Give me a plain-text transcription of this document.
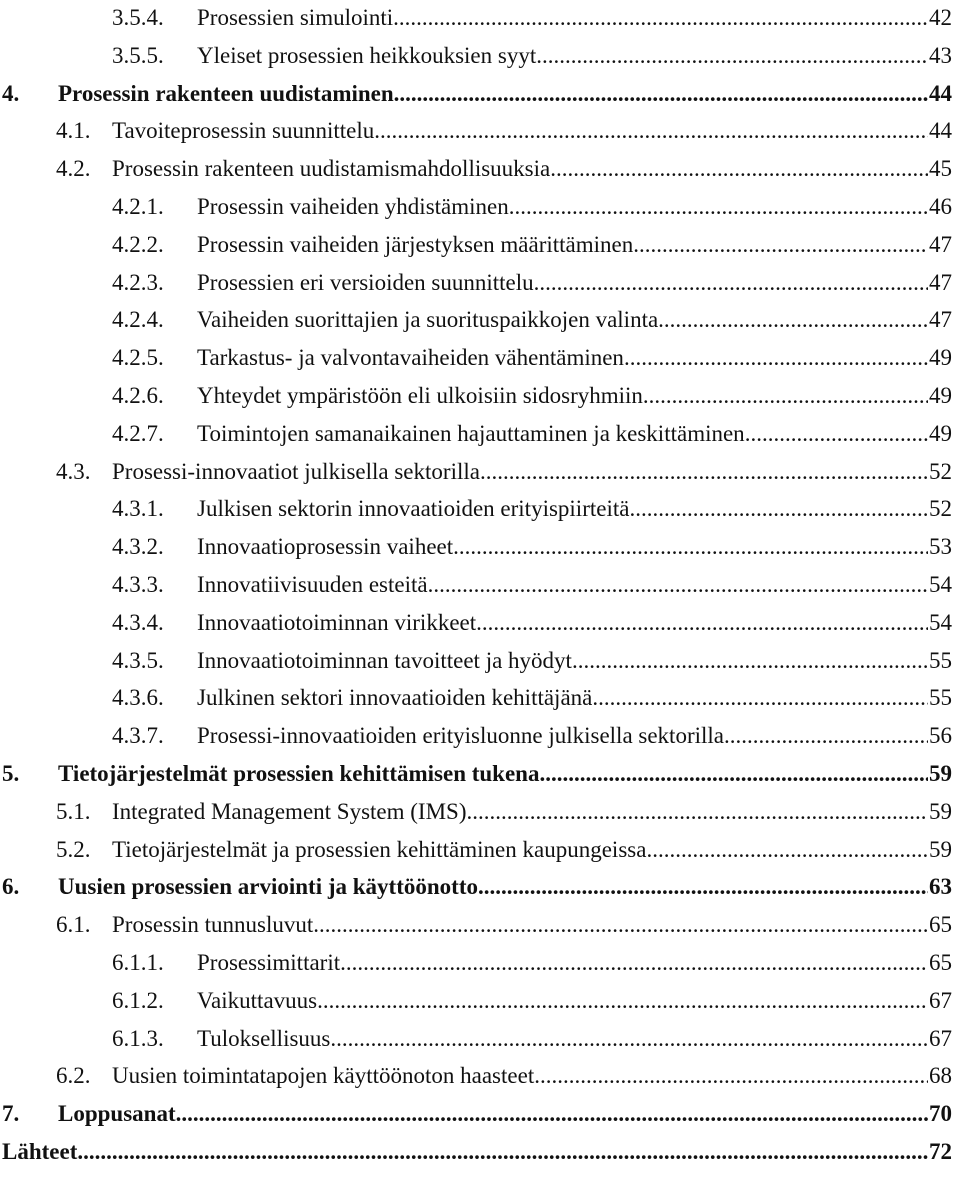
3.5.4. Prosessien simulointi .....	42
3.5.5. Yleiset prosessien heikkouksien syyt .....	43
4. Prosessin rakenteen uudistaminen .....	44
4.1. Tavoiteprosessin suunnittelu .....	44
4.2. Prosessin rakenteen uudistamismahdollisuuksia .....	45
4.2.1. Prosessin vaiheiden yhdistäminen .....	46
4.2.2. Prosessin vaiheiden järjestyksen määrittäminen .....	47
4.2.3. Prosessien eri versioiden suunnittelu .....	47
4.2.4. Vaiheiden suorittajien ja suorituspaikkojen valinta .....	47
4.2.5. Tarkastus- ja valvontavaiheiden vähentäminen .....	49
4.2.6. Yhteydet ympäristöön eli ulkoisiin sidosryhmiin .....	49
4.2.7. Toimintojen samanaikainen hajauttaminen ja keskittäminen .....	49
4.3. Prosessi-innovaatiot julkisella sektorilla .....	52
4.3.1. Julkisen sektorin innovaatioiden erityispiirteitä .....	52
4.3.2. Innovaatioprosessin vaiheet .....	53
4.3.3. Innovatiivisuuden esteitä .....	54
4.3.4. Innovaatiotoiminnan virikkeet .....	54
4.3.5. Innovaatiotoiminnan tavoitteet ja hyödyt .....	55
4.3.6. Julkinen sektori innovaatioiden kehittäjänä .....	55
4.3.7. Prosessi-innovaatioiden erityisluonne julkisella sektorilla .....	56
5. Tietojärjestelmät prosessien kehittämisen tukena .....	59
5.1. Integrated Management System (IMS) .....	59
5.2. Tietojärjestelmät ja prosessien kehittäminen kaupungeissa .....	59
6. Uusien prosessien arviointi ja käyttöönotto .....	63
6.1. Prosessin tunnusluvut .....	65
6.1.1. Prosessimittarit .....	65
6.1.2. Vaikuttavuus .....	67
6.1.3. Tuloksellisuus .....	67
6.2. Uusien toimintatapojen käyttöönoton haasteet .....	68
7. Loppusanat .....	70
Lähteet .....	72
